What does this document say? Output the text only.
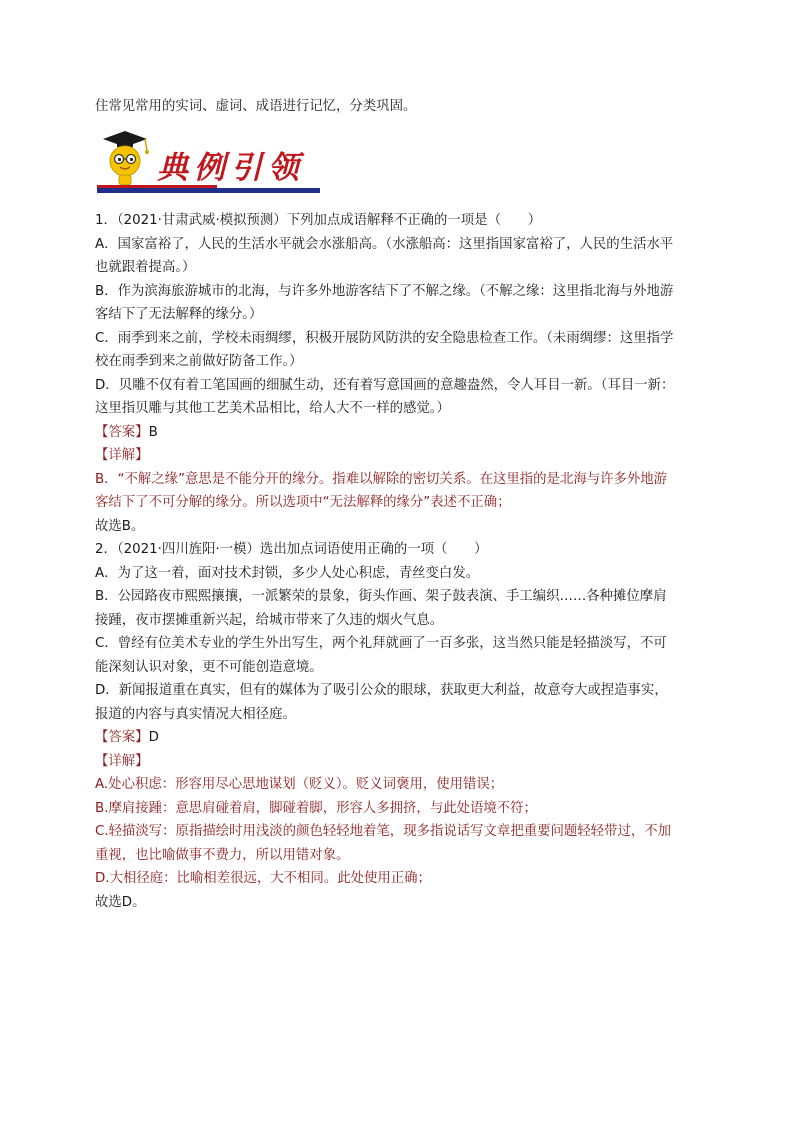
住常见常用的实词、虚词、成语进行记忆，分类巩固。
典例引领
1．（2021·甘肃武威·模拟预测）下列加点成语解释不正确的一项是（　　）
A．国家富裕了，人民的生活水平就会水涨船高。（水涨船高：这里指国家富裕了，人民的生活水平
也就跟着提高。）
B．作为滨海旅游城市的北海，与许多外地游客结下了不解之缘。（不解之缘：这里指北海与外地游
客结下了无法解释的缘分。）
C．雨季到来之前，学校未雨绸缪，积极开展防风防洪的安全隐患检查工作。（未雨绸缪：这里指学
校在雨季到来之前做好防备工作。）
D．贝雕不仅有着工笔国画的细腻生动，还有着写意国画的意趣盎然，令人耳目一新。（耳目一新：
这里指贝雕与其他工艺美术品相比，给人大不一样的感觉。）
【答案】B
【详解】
B．“不解之缘”意思是不能分开的缘分。指难以解除的密切关系。在这里指的是北海与许多外地游
客结下了不可分解的缘分。所以选项中“无法解释的缘分”表述不正确；
故选B。
2．（2021·四川旌阳·一模）选出加点词语使用正确的一项（　　）
A．为了这一着，面对技术封锁，多少人处心积虑，青丝变白发。
B．公园路夜市熙熙攘攘，一派繁荣的景象，街头作画、架子鼓表演、手工编织……各种摊位摩肩
接踵，夜市摆摊重新兴起，给城市带来了久违的烟火气息。
C．曾经有位美术专业的学生外出写生，两个礼拜就画了一百多张，这当然只能是轻描淡写，不可
能深刻认识对象，更不可能创造意境。
D．新闻报道重在真实，但有的媒体为了吸引公众的眼球，获取更大利益，故意夸大或捏造事实，
报道的内容与真实情况大相径庭。
【答案】D
【详解】
A.处心积虑：形容用尽心思地谋划（贬义）。贬义词褒用，使用错误；
B.摩肩接踵：意思肩碰着肩，脚碰着脚，形容人多拥挤，与此处语境不符；
C.轻描淡写：原指描绘时用浅淡的颜色轻轻地着笔，现多指说话写文章把重要问题轻轻带过，不加
重视，也比喻做事不费力，所以用错对象。
D.大相径庭：比喻相差很远，大不相同。此处使用正确；
故选D。
